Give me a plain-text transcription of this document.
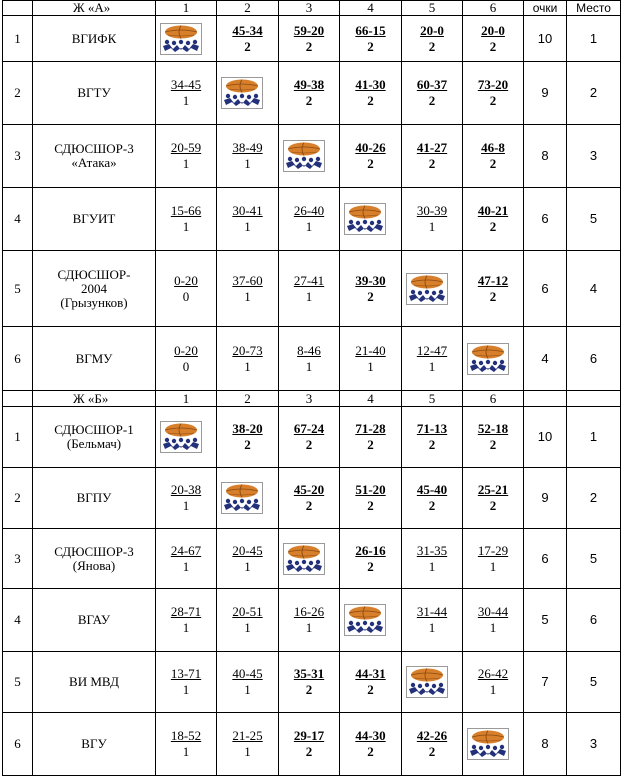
	Ж «А»	1	2	3	4	5	6	очки	Место
1	ВГИФК		$\frac{45-34}{2}$	$\frac{59-20}{2}$	$\frac{66-15}{2}$	$\frac{20-0}{2}$	$\frac{20-0}{2}$	10	1
2	ВГТУ	$\frac{34-45}{1}$		$\frac{49-38}{2}$	$\frac{41-30}{2}$	$\frac{60-37}{2}$	$\frac{73-20}{2}$	9	2
3	СДЮСШОР-3
«Атака»	$\frac{20-59}{1}$	$\frac{38-49}{1}$		$\frac{40-26}{2}$	$\frac{41-27}{2}$	$\frac{46-8}{2}$	8	3
4	ВГУИТ	$\frac{15-66}{1}$	$\frac{30-41}{1}$	$\frac{26-40}{1}$		$\frac{30-39}{1}$	$\frac{40-21}{2}$	6	5
5	СДЮСШОР-
2004
(Грызунков)	$\frac{0-20}{0}$	$\frac{37-60}{1}$	$\frac{27-41}{1}$	$\frac{39-30}{2}$		$\frac{47-12}{2}$	6	4
6	ВГМУ	$\frac{0-20}{0}$	$\frac{20-73}{1}$	$\frac{8-46}{1}$	$\frac{21-40}{1}$	$\frac{12-47}{1}$		4	6
	Ж «Б»	1	2	3	4	5	6		
1	СДЮСШОР-1
(Бельмач)		$\frac{38-20}{2}$	$\frac{67-24}{2}$	$\frac{71-28}{2}$	$\frac{71-13}{2}$	$\frac{52-18}{2}$	10	1
2	ВГПУ	$\frac{20-38}{1}$		$\frac{45-20}{2}$	$\frac{51-20}{2}$	$\frac{45-40}{2}$	$\frac{25-21}{2}$	9	2
3	СДЮСШОР-3
(Янова)	$\frac{24-67}{1}$	$\frac{20-45}{1}$		$\frac{26-16}{2}$	$\frac{31-35}{1}$	$\frac{17-29}{1}$	6	5
4	ВГАУ	$\frac{28-71}{1}$	$\frac{20-51}{1}$	$\frac{16-26}{1}$		$\frac{31-44}{1}$	$\frac{30-44}{1}$	5	6
5	ВИ МВД	$\frac{13-71}{1}$	$\frac{40-45}{1}$	$\frac{35-31}{2}$	$\frac{44-31}{2}$		$\frac{26-42}{1}$	7	5
6	ВГУ	$\frac{18-52}{1}$	$\frac{21-25}{1}$	$\frac{29-17}{2}$	$\frac{44-30}{2}$	$\frac{42-26}{2}$		8	3
